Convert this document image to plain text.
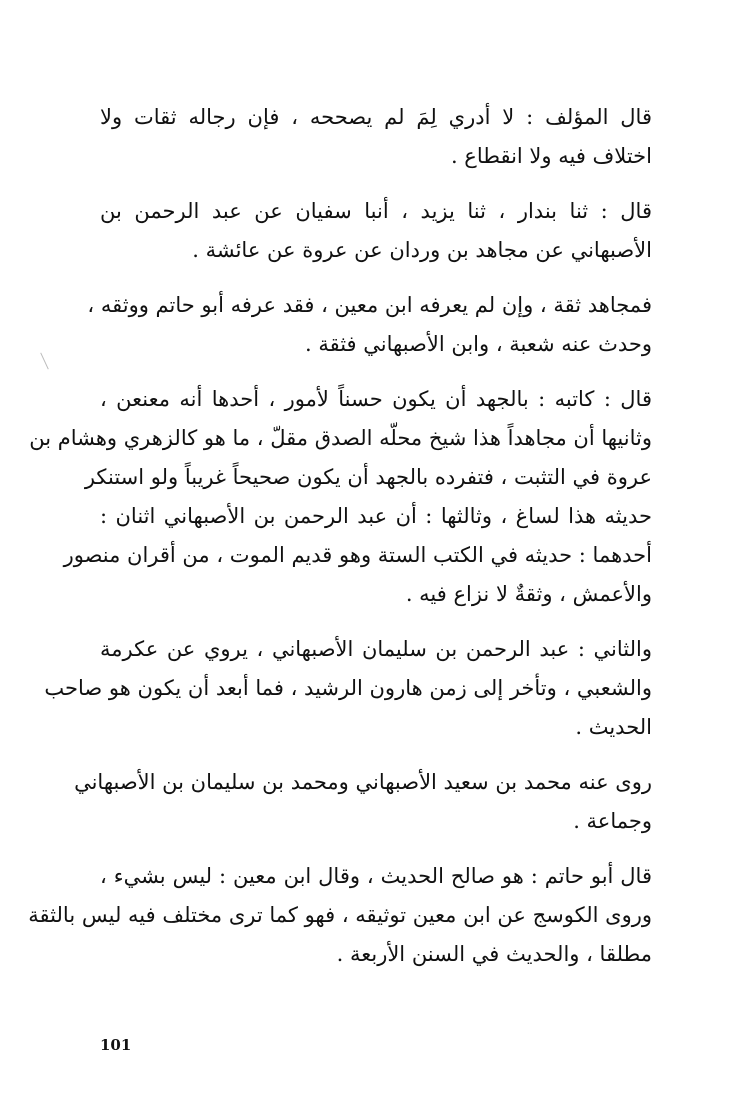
قال المؤلف : لا أدري لِمَ لم يصححه ، فإن رجاله ثقات ولا
اختلاف فيه ولا انقطاع .

قال : ثنا بندار ، ثنا يزيد ، أنبا سفيان عن عبد الرحمن بن
الأصبهاني عن مجاهد بن وردان عن عروة عن عائشة .

فمجاهد ثقة ، وإن لم يعرفه ابن معين ، فقد عرفه أبو حاتم ووثقه ،
وحدث عنه شعبة ، وابن الأصبهاني فثقة .

قال : كاتبه : بالجهد أن يكون حسناً لأمور ، أحدها أنه معنعن ،
وثانيها أن مجاهداً هذا شيخ محلّه الصدق مقلّ ، ما هو كالزهري وهشام بن
عروة في التثبت ، فتفرده بالجهد أن يكون صحيحاً غريباً ولو استنكر
حديثه هذا لساغ ، وثالثها : أن عبد الرحمن بن الأصبهاني اثنان :
أحدهما : حديثه في الكتب الستة وهو قديم الموت ، من أقران منصور
والأعمش ، وثقةٌ لا نزاع فيه .

والثاني : عبد الرحمن بن سليمان الأصبهاني ، يروي عن عكرمة
والشعبي ، وتأخر إلى زمن هارون الرشيد ، فما أبعد أن يكون هو صاحب
الحديث .

روى عنه محمد بن سعيد الأصبهاني ومحمد بن سليمان بن الأصبهاني
وجماعة .

قال أبو حاتم : هو صالح الحديث ، وقال ابن معين : ليس بشيء ،
وروى الكوسج عن ابن معين توثيقه ، فهو كما ترى مختلف فيه ليس بالثقة
مطلقا ، والحديث في السنن الأربعة .

101
